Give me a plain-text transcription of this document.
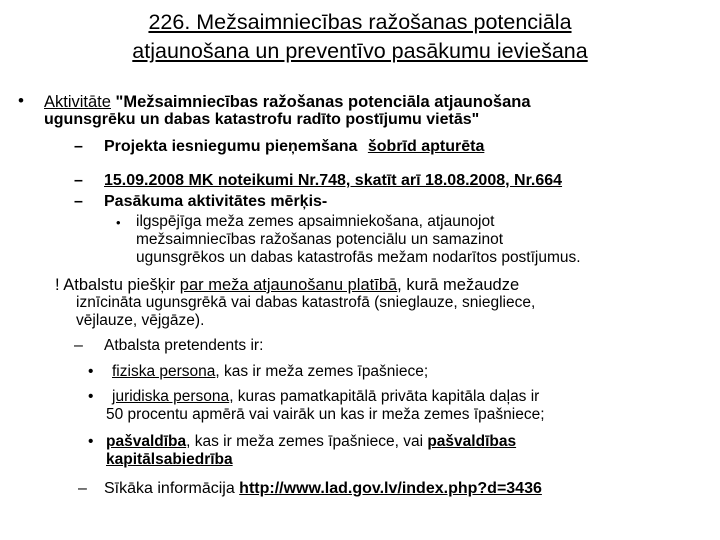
226. Mežsaimniecības ražošanas potenciāla
atjaunošana un preventīvo pasākumu ieviešana
• Aktivitāte "Mežsaimniecības ražošanas potenciāla atjaunošana
ugunsgrēku un dabas katastrofu radīto postījumu vietās"
– Projekta iesniegumu pieņemšana šobrīd apturēta
– 15.09.2008 MK noteikumi Nr.748, skatīt arī 18.08.2008, Nr.664
– Pasākuma aktivitātes mērķis-
• ilgspējīga meža zemes apsaimniekošana, atjaunojot
mežsaimniecības ražošanas potenciālu un samazinot
ugunsgrēkos un dabas katastrofās mežam nodarītos postījumus.
! Atbalstu piešķir par meža atjaunošanu platībā, kurā mežaudze
iznīcināta ugunsgrēkā vai dabas katastrofā (snieglauze, sniegliece,
vējlauze, vējgāze).
– Atbalsta pretendents ir:
• fiziska persona, kas ir meža zemes īpašniece;
• juridiska persona, kuras pamatkapitālā privāta kapitāla daļas ir
50 procentu apmērā vai vairāk un kas ir meža zemes īpašniece;
• pašvaldība, kas ir meža zemes īpašniece, vai pašvaldības
kapitālsabiedrība
– Sīkāka informācija http://www.lad.gov.lv/index.php?d=3436
